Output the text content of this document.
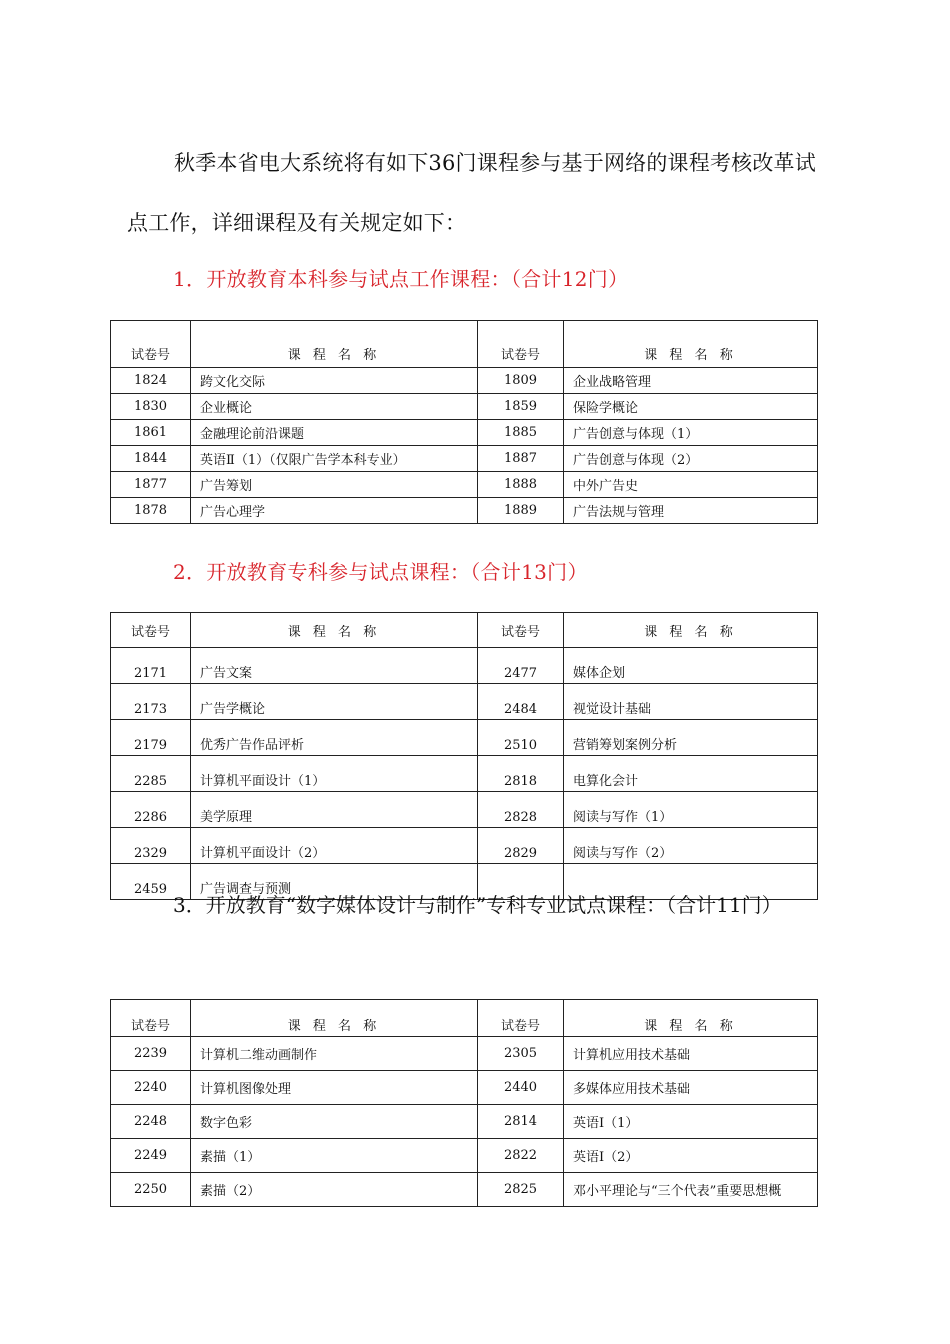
秋季本省电大系统将有如下36门课程参与基于网络的课程考核改革试点工作，详细课程及有关规定如下：
1．开放教育本科参与试点工作课程：（合计12门）
试卷号	课 程 名 称	试卷号	课 程 名 称
1824	跨文化交际	1809	企业战略管理
1830	企业概论	1859	保险学概论
1861	金融理论前沿课题	1885	广告创意与体现（1）
1844	英语Ⅱ（1）（仅限广告学本科专业）	1887	广告创意与体现（2）
1877	广告筹划	1888	中外广告史
1878	广告心理学	1889	广告法规与管理
2．开放教育专科参与试点课程：（合计13门）
试卷号	课 程 名 称	试卷号	课 程 名 称
2171	广告文案	2477	媒体企划
2173	广告学概论	2484	视觉设计基础
2179	优秀广告作品评析	2510	营销筹划案例分析
2285	计算机平面设计（1）	2818	电算化会计
2286	美学原理	2828	阅读与写作（1）
2329	计算机平面设计（2）	2829	阅读与写作（2）
2459	广告调查与预测		
3．开放教育“数字媒体设计与制作”专科专业试点课程：（合计11门）
试卷号	课 程 名 称	试卷号	课 程 名 称
2239	计算机二维动画制作	2305	计算机应用技术基础
2240	计算机图像处理	2440	多媒体应用技术基础
2248	数字色彩	2814	英语Ⅰ（1）
2249	素描（1）	2822	英语Ⅰ（2）
2250	素描（2）	2825	邓小平理论与“三个代表”重要思想概
